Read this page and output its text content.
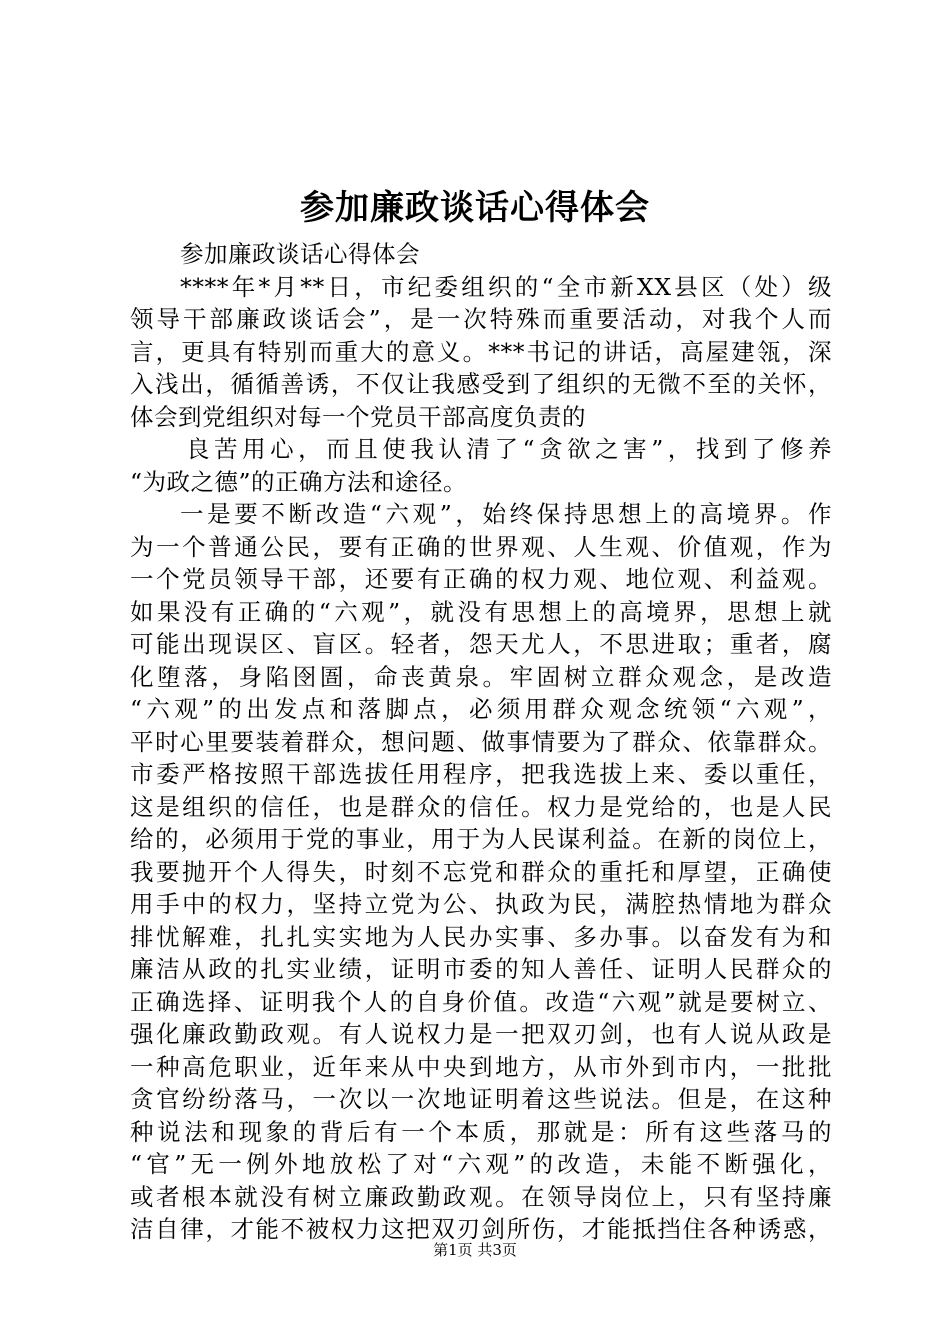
参加廉政谈话心得体会
参加廉政谈话心得体会
****年*月**日，市纪委组织的“全市新XX县区（处）级
领导干部廉政谈话会”，是一次特殊而重要活动，对我个人而
言，更具有特别而重大的意义。***书记的讲话，高屋建瓴，深
入浅出，循循善诱，不仅让我感受到了组织的无微不至的关怀，
体会到党组织对每一个党员干部高度负责的
良苦用心，而且使我认清了“贪欲之害”，找到了修养
“为政之德”的正确方法和途径。
一是要不断改造“六观”，始终保持思想上的高境界。作
为一个普通公民，要有正确的世界观、人生观、价值观，作为
一个党员领导干部，还要有正确的权力观、地位观、利益观。
如果没有正确的“六观”，就没有思想上的高境界，思想上就
可能出现误区、盲区。轻者，怨天尤人，不思进取；重者，腐
化堕落，身陷囹圄，命丧黄泉。牢固树立群众观念，是改造
“六观”的出发点和落脚点，必须用群众观念统领“六观”，
平时心里要装着群众，想问题、做事情要为了群众、依靠群众。
市委严格按照干部选拔任用程序，把我选拔上来、委以重任，
这是组织的信任，也是群众的信任。权力是党给的，也是人民
给的，必须用于党的事业，用于为人民谋利益。在新的岗位上，
我要抛开个人得失，时刻不忘党和群众的重托和厚望，正确使
用手中的权力，坚持立党为公、执政为民，满腔热情地为群众
排忧解难，扎扎实实地为人民办实事、多办事。以奋发有为和
廉洁从政的扎实业绩，证明市委的知人善任、证明人民群众的
正确选择、证明我个人的自身价值。改造“六观”就是要树立、
强化廉政勤政观。有人说权力是一把双刃剑，也有人说从政是
一种高危职业，近年来从中央到地方，从市外到市内，一批批
贪官纷纷落马，一次以一次地证明着这些说法。但是，在这种
种说法和现象的背后有一个本质，那就是：所有这些落马的
“官”无一例外地放松了对“六观”的改造，未能不断强化，
或者根本就没有树立廉政勤政观。在领导岗位上，只有坚持廉
洁自律，才能不被权力这把双刃剑所伤，才能抵挡住各种诱惑，
第1页 共3页
